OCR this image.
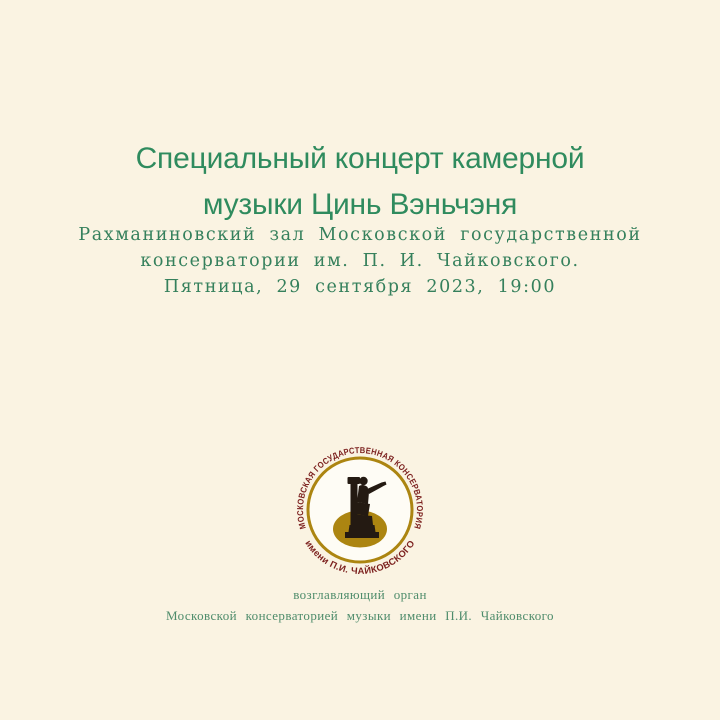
Специальный концерт камерной
музыки Цинь Вэньчэня
Рахманиновский зал Московской государственной
консерватории им. П. И. Чайковского.
Пятница, 29 сентября 2023, 19:00
МОСКОВСКАЯ ГОСУДАРСТВЕННАЯ КОНСЕРВАТОРИЯ
имени П.И. ЧАЙКОВСКОГО
возглавляющий орган
Московской консерваторией музыки имени П.И. Чайковского
